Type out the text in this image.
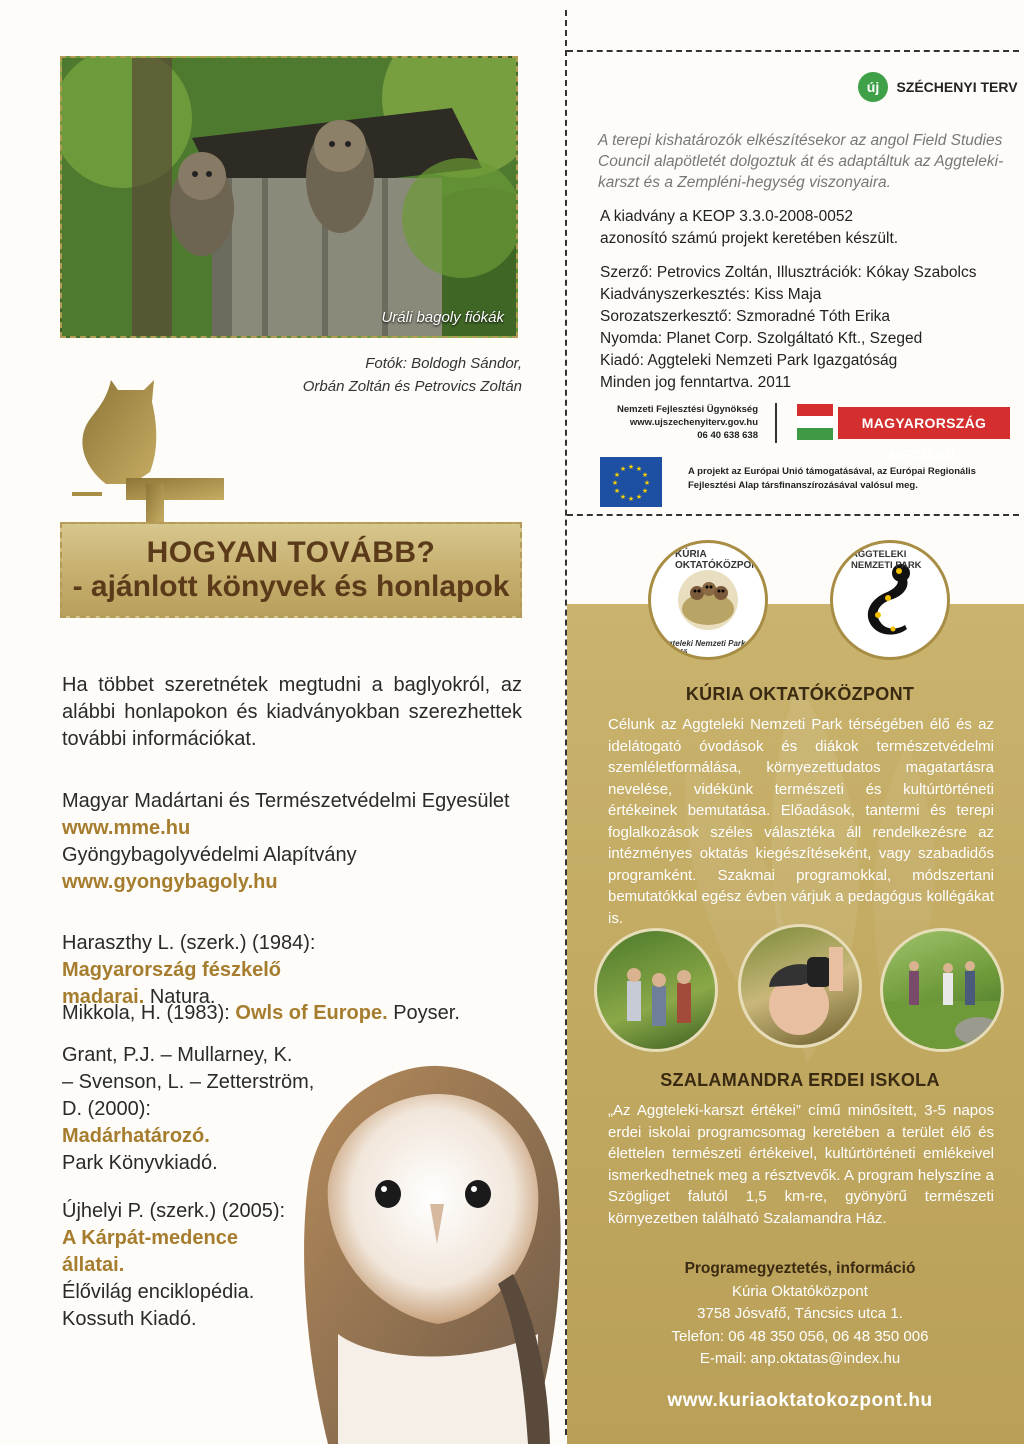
Uráli bagoly fiókák
Fotók: Boldogh Sándor,
Orbán Zoltán és Petrovics Zoltán
HOGYAN TOVÁBB?
- ajánlott könyvek és honlapok
Ha többet szeretnétek megtudni a baglyokról, az alábbi honlapokon és kiadványokban szerezhettek további információkat.
Magyar Madártani és Természetvédelmi Egyesület
www.mme.hu
Gyöngybagolyvédelmi Alapítvány
www.gyongybagoly.hu
Haraszthy L. (szerk.) (1984):
Magyarország fészkelő madarai. Natura.
Mikkola, H. (1983): Owls of Europe. Poyser.
Grant, P.J. – Mullarney, K.
– Svenson, L. – Zetterström,
D. (2000):
Madárhatározó.
Park Könyvkiadó.
Újhelyi P. (szerk.) (2005):
A Kárpát-medence állatai.
Élővilág enciklopédia.
Kossuth Kiadó.
új SZÉCHENYI TERV
A terepi kishatározók elkészítésekor az angol Field Studies Council alapötletét dolgoztuk át és adaptáltuk az Aggteleki-karszt és a Zempléni-hegység viszonyaira.
A kiadvány a KEOP 3.3.0-2008-0052
azonosító számú projekt keretében készült.
Szerző: Petrovics Zoltán, Illusztrációk: Kókay Szabolcs
Kiadványszerkesztés: Kiss Maja
Sorozatszerkesztő: Szmoradné Tóth Erika
Nyomda: Planet Corp. Szolgáltató Kft., Szeged
Kiadó: Aggteleki Nemzeti Park Igazgatóság
Minden jog fenntartva. 2011
Nemzeti Fejlesztési Ügynökség
www.ujszechenyiterv.gov.hu
06 40 638 638
MAGYARORSZÁG MEGÚJUL
★ ★
★
★
★
★
★
★
★
★
★
★	A projekt az Európai Unió támogatásával, az Európai Regionális Fejlesztési Alap társfinanszírozásával valósul meg.
KÚRIA OKTATÓKÖZPONT
Aggteleki Nemzeti Park, Jósvafő
AGGTELEKI NEMZETI PARK
KÚRIA OKTATÓKÖZPONT
Célunk az Aggteleki Nemzeti Park térségében élő és az idelátogató óvodások és diákok természetvédelmi szemléletformálása, környezettudatos magatartásra nevelése, vidékünk természeti és kultúrtörténeti értékeinek bemutatása. Előadások, tantermi és terepi foglalkozások széles választéka áll rendelkezésre az intézményes oktatás kiegészítéseként, vagy szabadidős programként. Szakmai programokkal, módszertani bemutatókkal egész évben várjuk a pedagógus kollégákat is.
SZALAMANDRA ERDEI ISKOLA
„Az Aggteleki-karszt értékei” című minősített, 3-5 napos erdei iskolai programcsomag keretében a terület élő és élettelen természeti értékeivel, kultúrtörténeti emlékeivel ismerkedhetnek meg a résztvevők. A program helyszíne a Szögliget falutól 1,5 km-re, gyönyörű természeti környezetben található Szalamandra Ház.
Programegyeztetés, információ
Kúria Oktatóközpont
3758 Jósvafő, Táncsics utca 1.
Telefon: 06 48 350 056, 06 48 350 006
E-mail: anp.oktatas@index.hu
www.kuriaoktatokozpont.hu
